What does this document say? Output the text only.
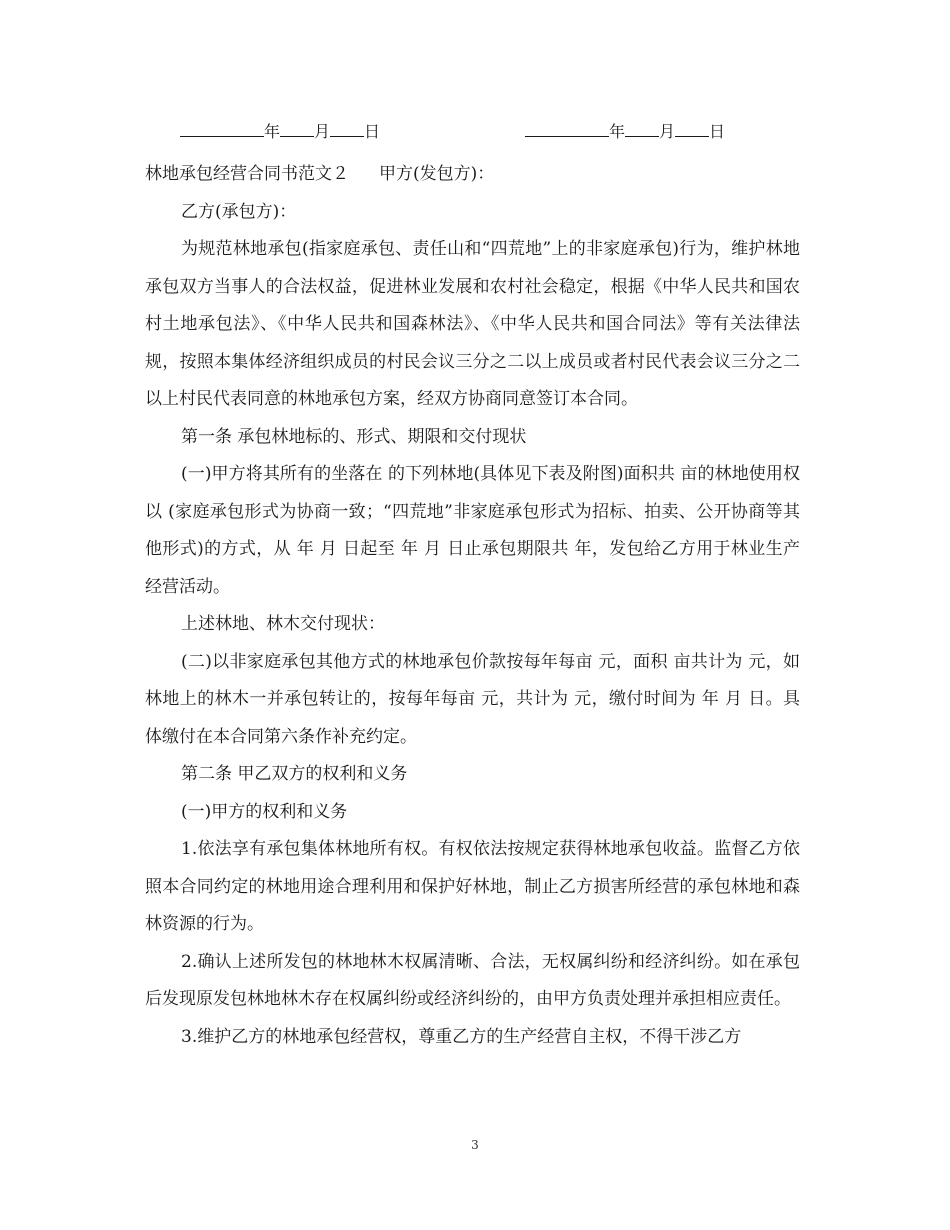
年 月 日	年 月 日

林地承包经营合同书范文２ 甲方(发包方)：

乙方(承包方)：

为规范林地承包(指家庭承包、责任山和“四荒地”上的非家庭承包)行为，维护林地承包双方当事人的合法权益，促进林业发展和农村社会稳定，根据《中华人民共和国农村土地承包法》、《中华人民共和国森林法》、《中华人民共和国合同法》等有关法律法规，按照本集体经济组织成员的村民会议三分之二以上成员或者村民代表会议三分之二以上村民代表同意的林地承包方案，经双方协商同意签订本合同。

第一条 承包林地标的、形式、期限和交付现状

(一)甲方将其所有的坐落在 的下列林地(具体见下表及附图)面积共 亩的林地使用权以 (家庭承包形式为协商一致；“四荒地”非家庭承包形式为招标、拍卖、公开协商等其他形式)的方式，从 年 月 日起至 年 月 日止承包期限共 年，发包给乙方用于林业生产经营活动。

上述林地、林木交付现状：

(二)以非家庭承包其他方式的林地承包价款按每年每亩 元，面积 亩共计为 元，如林地上的林木一并承包转让的，按每年每亩 元，共计为 元，缴付时间为 年 月 日。具体缴付在本合同第六条作补充约定。

第二条 甲乙双方的权利和义务

(一)甲方的权利和义务

1.依法享有承包集体林地所有权。有权依法按规定获得林地承包收益。监督乙方依照本合同约定的林地用途合理利用和保护好林地，制止乙方损害所经营的承包林地和森林资源的行为。

2.确认上述所发包的林地林木权属清晰、合法，无权属纠纷和经济纠纷。如在承包后发现原发包林地林木存在权属纠纷或经济纠纷的，由甲方负责处理并承担相应责任。

3.维护乙方的林地承包经营权，尊重乙方的生产经营自主权，不得干涉乙方

3
